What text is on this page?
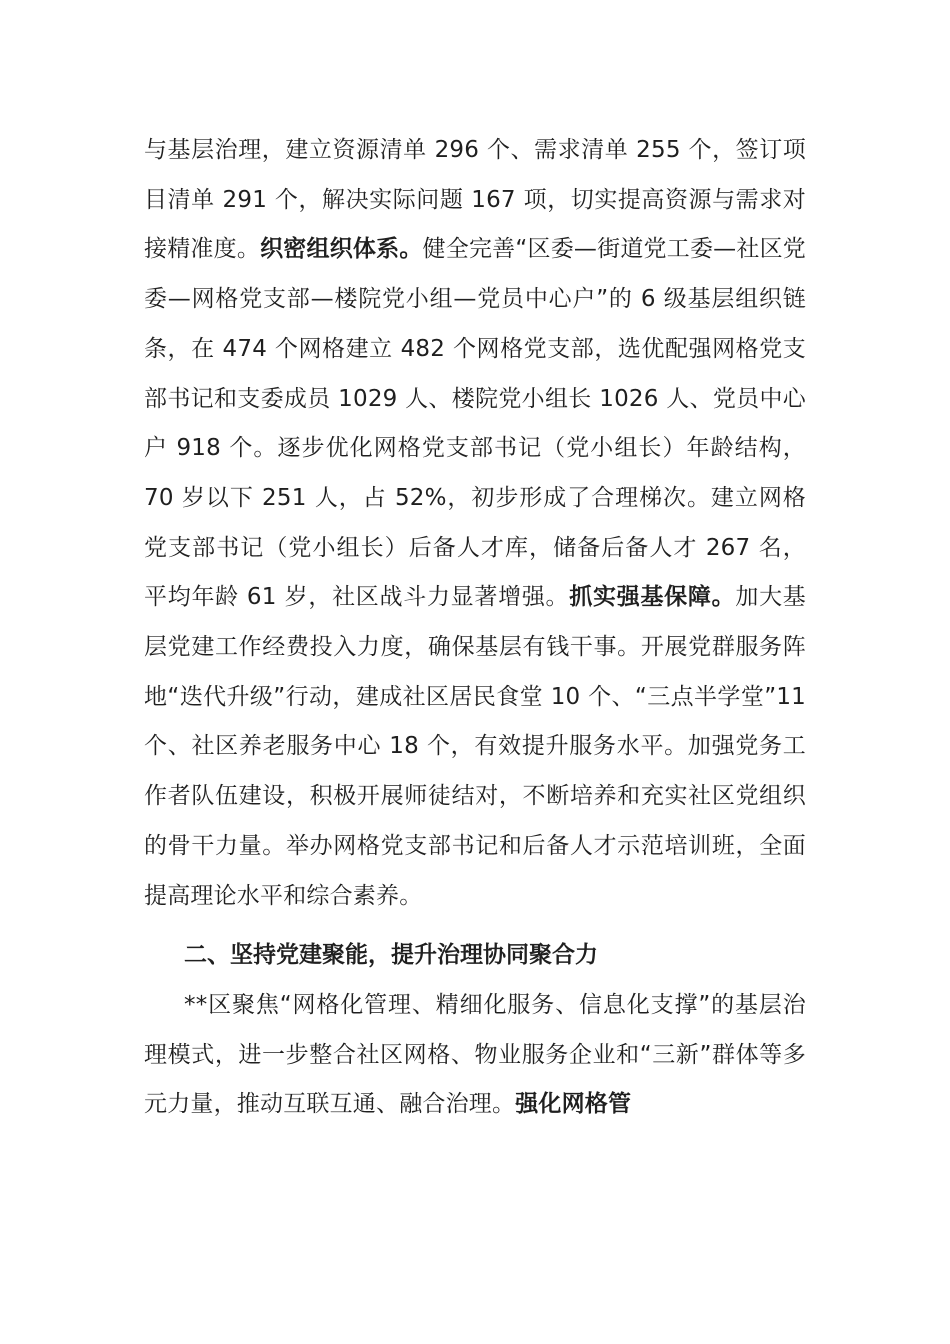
与基层治理，建立资源清单 296 个、需求清单 255 个，签订项目清单 291 个，解决实际问题 167 项，切实提高资源与需求对接精准度。织密组织体系。健全完善“区委—街道党工委—社区党委—网格党支部—楼院党小组—党员中心户”的 6 级基层组织链条，在 474 个网格建立 482 个网格党支部，选优配强网格党支部书记和支委成员 1029 人、楼院党小组长 1026 人、党员中心户 918 个。逐步优化网格党支部书记（党小组长）年龄结构，70 岁以下 251 人，占 52%，初步形成了合理梯次。建立网格党支部书记（党小组长）后备人才库，储备后备人才 267 名，平均年龄 61 岁，社区战斗力显著增强。抓实强基保障。加大基层党建工作经费投入力度，确保基层有钱干事。开展党群服务阵地“迭代升级”行动，建成社区居民食堂 10 个、“三点半学堂”11 个、社区养老服务中心 18 个，有效提升服务水平。加强党务工作者队伍建设，积极开展师徒结对，不断培养和充实社区党组织的骨干力量。举办网格党支部书记和后备人才示范培训班，全面提高理论水平和综合素养。

二、坚持党建聚能，提升治理协同聚合力

**区聚焦“网格化管理、精细化服务、信息化支撑”的基层治理模式，进一步整合社区网格、物业服务企业和“三新”群体等多元力量，推动互联互通、融合治理。强化网格管
